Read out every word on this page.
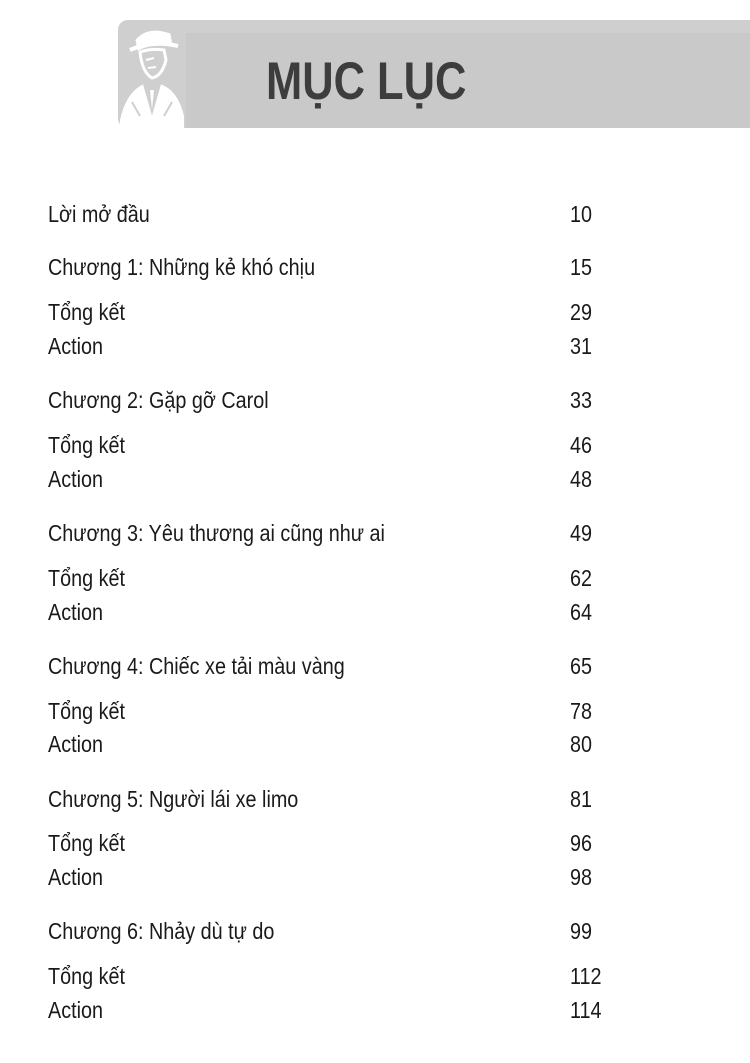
MỤC LỤC
Lời mở đầu	10
Chương 1: Những kẻ khó chịu	15
Tổng kết	29
Action	31
Chương 2: Gặp gỡ Carol	33
Tổng kết	46
Action	48
Chương 3: Yêu thương ai cũng như ai	49
Tổng kết	62
Action	64
Chương 4: Chiếc xe tải màu vàng	65
Tổng kết	78
Action	80
Chương 5: Người lái xe limo	81
Tổng kết	96
Action	98
Chương 6: Nhảy dù tự do	99
Tổng kết	112
Action	114
